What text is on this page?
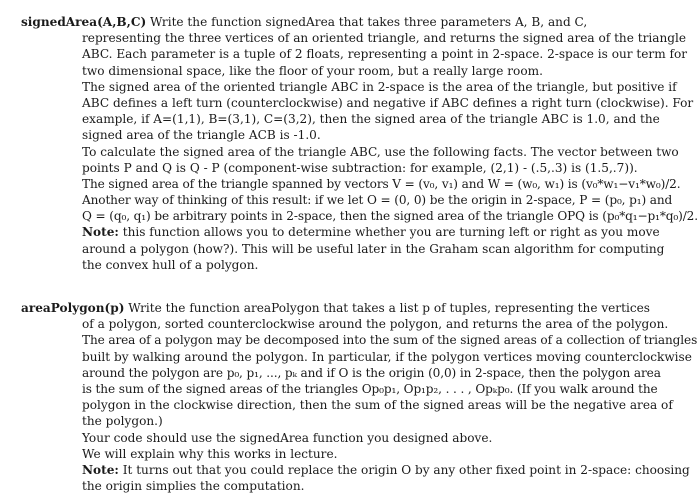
signedArea(A,B,C) Write the function signedArea that takes three parameters A, B, and C,
representing the three vertices of an oriented triangle, and returns the signed area of the triangle
ABC. Each parameter is a tuple of 2 floats, representing a point in 2-space. 2-space is our term for
two dimensional space, like the floor of your room, but a really large room.
The signed area of the oriented triangle ABC in 2-space is the area of the triangle, but positive if
ABC defines a left turn (counterclockwise) and negative if ABC defines a right turn (clockwise). For
example, if A=(1,1), B=(3,1), C=(3,2), then the signed area of the triangle ABC is 1.0, and the
signed area of the triangle ACB is -1.0.
To calculate the signed area of the triangle ABC, use the following facts. The vector between two
points P and Q is Q - P (component-wise subtraction: for example, (2,1) - (.5,.3) is (1.5,.7)).
The signed area of the triangle spanned by vectors V = (v₀, v₁) and W = (w₀, w₁) is (v₀*w₁−v₁*w₀)/2.
Another way of thinking of this result: if we let O = (0, 0) be the origin in 2-space, P = (p₀, p₁) and
Q = (q₀, q₁) be arbitrary points in 2-space, then the signed area of the triangle OPQ is (p₀*q₁−p₁*q₀)/2.
Note: this function allows you to determine whether you are turning left or right as you move
around a polygon (how?). This will be useful later in the Graham scan algorithm for computing
the convex hull of a polygon.
areaPolygon(p) Write the function areaPolygon that takes a list p of tuples, representing the vertices
of a polygon, sorted counterclockwise around the polygon, and returns the area of the polygon.
The area of a polygon may be decomposed into the sum of the signed areas of a collection of triangles
built by walking around the polygon. In particular, if the polygon vertices moving counterclockwise
around the polygon are p₀, p₁, ..., pₖ and if O is the origin (0,0) in 2-space, then the polygon area
is the sum of the signed areas of the triangles Op₀p₁, Op₁p₂, . . . , Opₖp₀. (If you walk around the
polygon in the clockwise direction, then the sum of the signed areas will be the negative area of
the polygon.)
Your code should use the signedArea function you designed above.
We will explain why this works in lecture.
Note: It turns out that you could replace the origin O by any other fixed point in 2-space: choosing
the origin simplies the computation.
